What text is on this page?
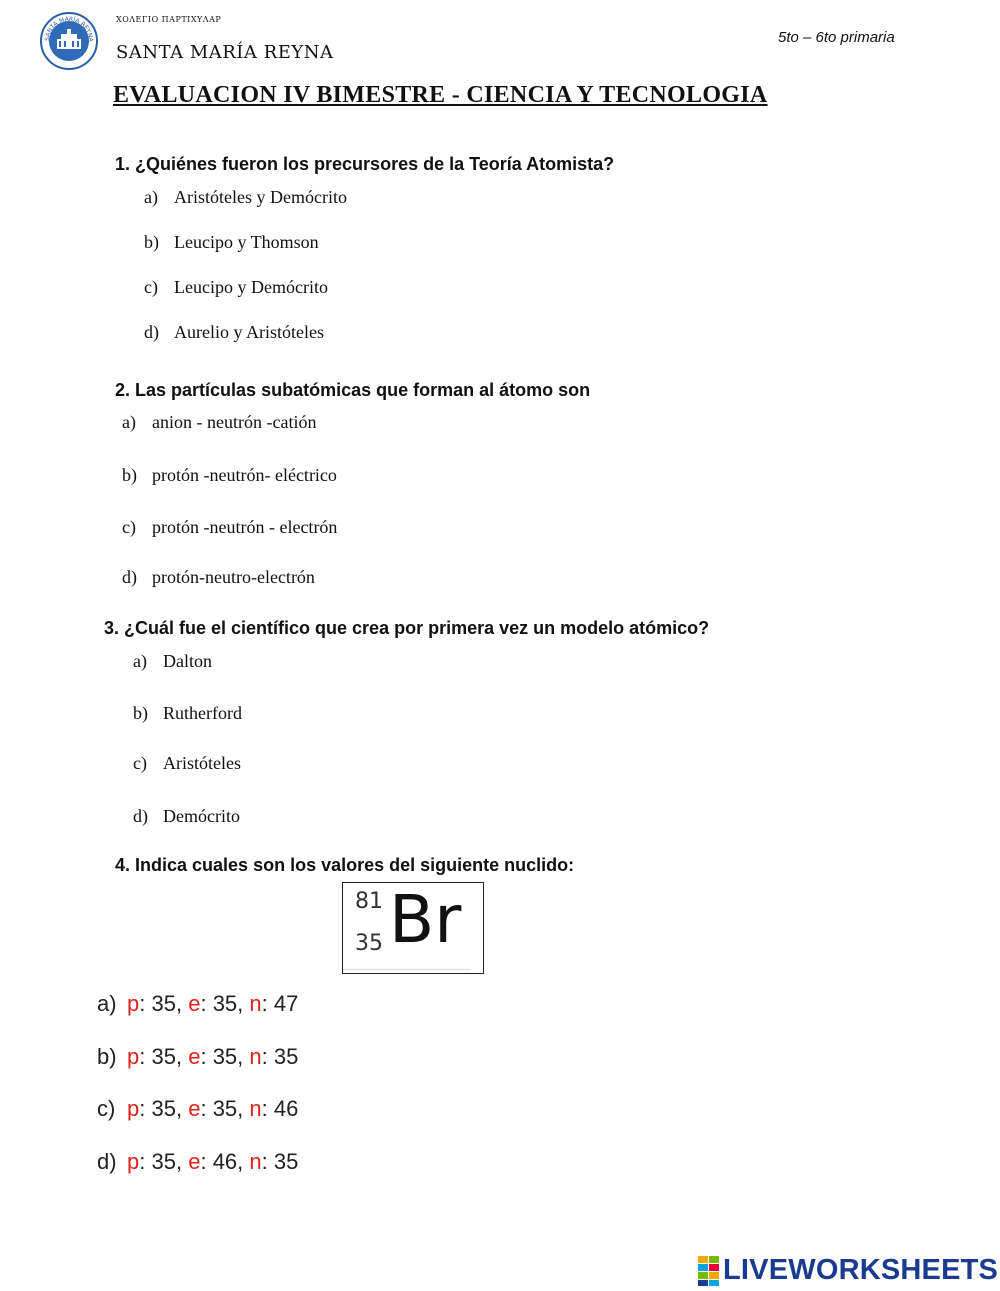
SANTA MARÍA REYNA
ΧΟΛΕΓΙΟ ΠΑΡΤΙΧΥΛΑΡ
SANTA MARÍA REYNA
5to – 6to primaria
EVALUACION IV BIMESTRE - CIENCIA Y TECNOLOGIA
1. ¿Quiénes fueron los precursores de la Teoría Atomista?
a) Aristóteles y Demócrito
b) Leucipo y Thomson
c) Leucipo y Demócrito
d) Aurelio y Aristóteles
2. Las partículas subatómicas que forman al átomo son
a) anion - neutrón -catión
b) protón -neutrón- eléctrico
c) protón -neutrón - electrón
d) protón-neutro-electrón
3. ¿Cuál fue el científico que crea por primera vez un modelo atómico?
a) Dalton
b) Rutherford
c) Aristóteles
d) Demócrito
4. Indica cuales son los valores del siguiente nuclido:
81
35 Br
a) p: 35, e: 35, n: 47
b) p: 35, e: 35, n: 35
c) p: 35, e: 35, n: 46
d) p: 35, e: 46, n: 35
LIVEWORKSHEETS
